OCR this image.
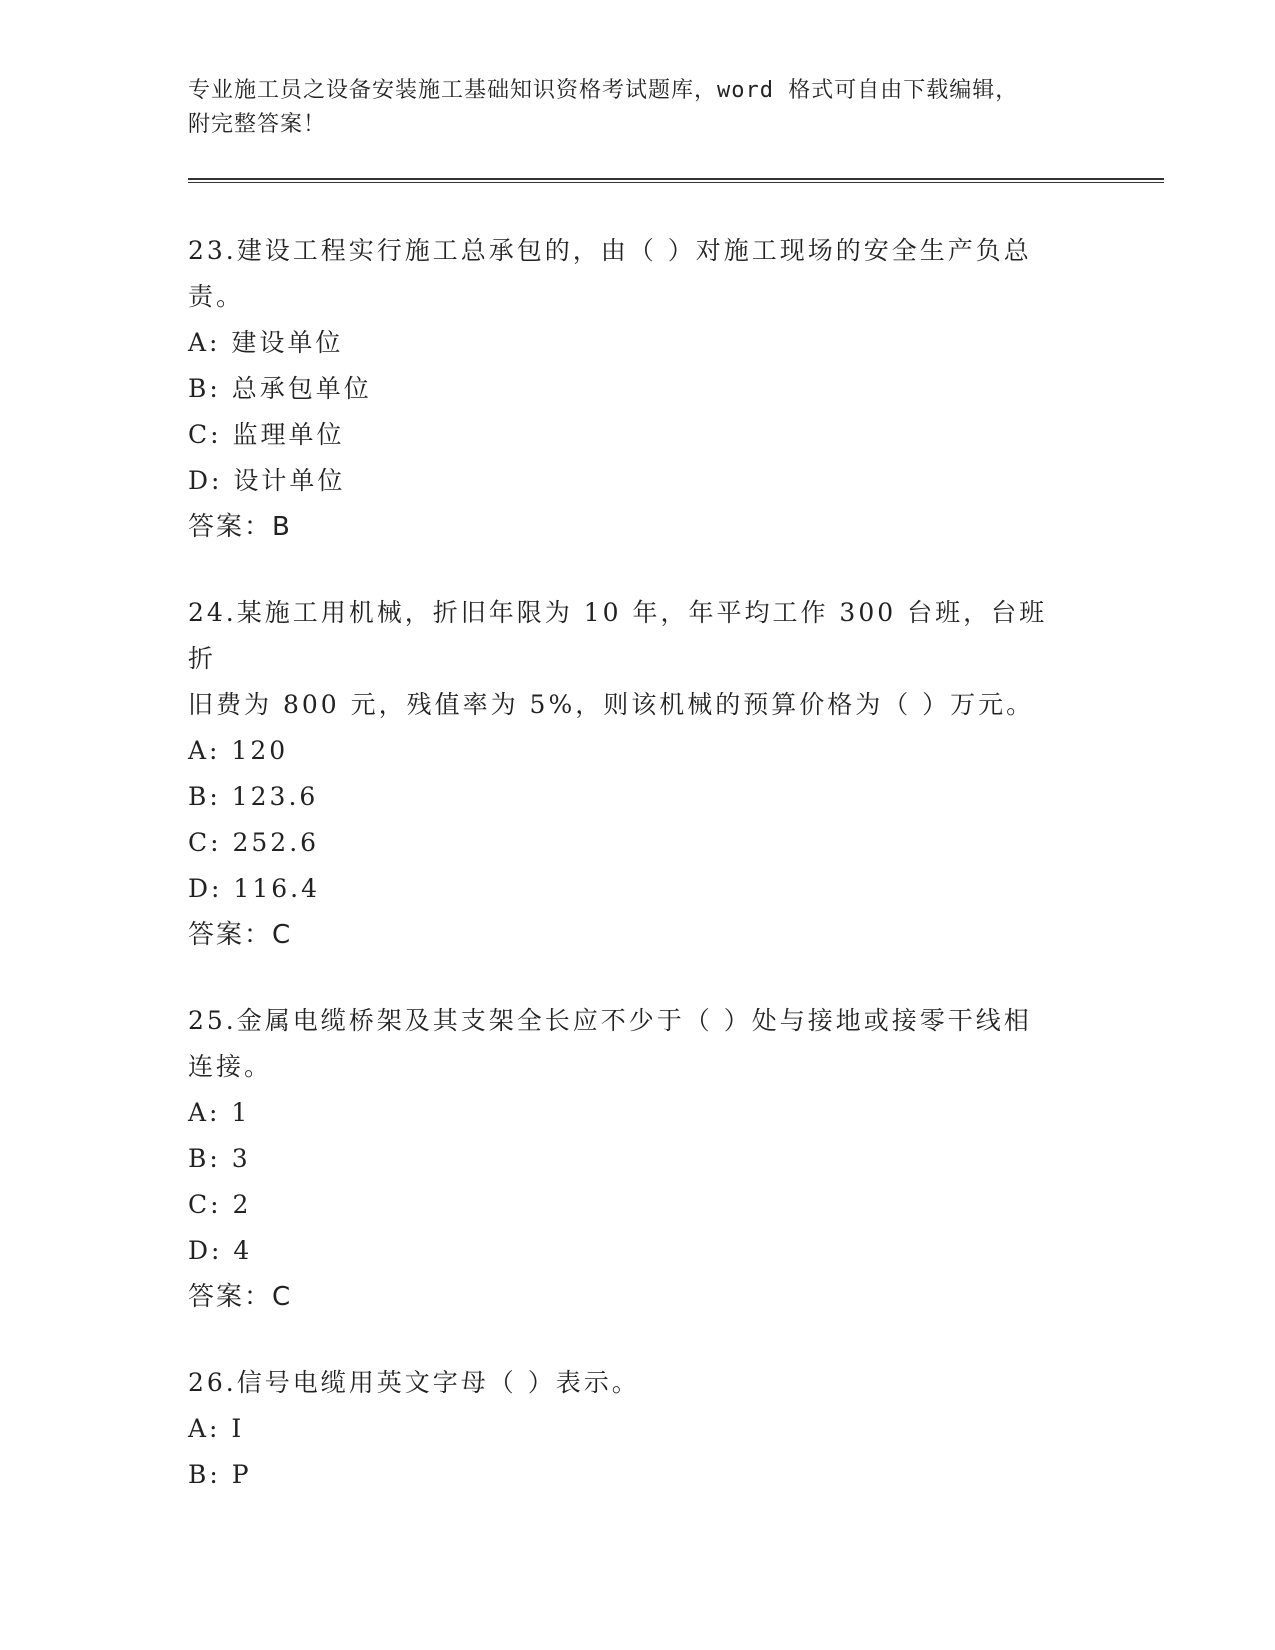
专业施工员之设备安装施工基础知识资格考试题库，word 格式可自由下载编辑，
附完整答案！

23.建设工程实行施工总承包的，由（ ）对施工现场的安全生产负总

责。

A: 建设单位

B: 总承包单位

C: 监理单位

D: 设计单位

答案：B

24.某施工用机械，折旧年限为 10 年，年平均工作 300 台班，台班折

旧费为 800 元，残值率为 5%，则该机械的预算价格为（ ）万元。

A: 120

B: 123.6

C: 252.6

D: 116.4

答案：C

25.金属电缆桥架及其支架全长应不少于（ ）处与接地或接零干线相

连接。

A: 1

B: 3

C: 2

D: 4

答案：C

26.信号电缆用英文字母（ ）表示。

A: I

B: P
